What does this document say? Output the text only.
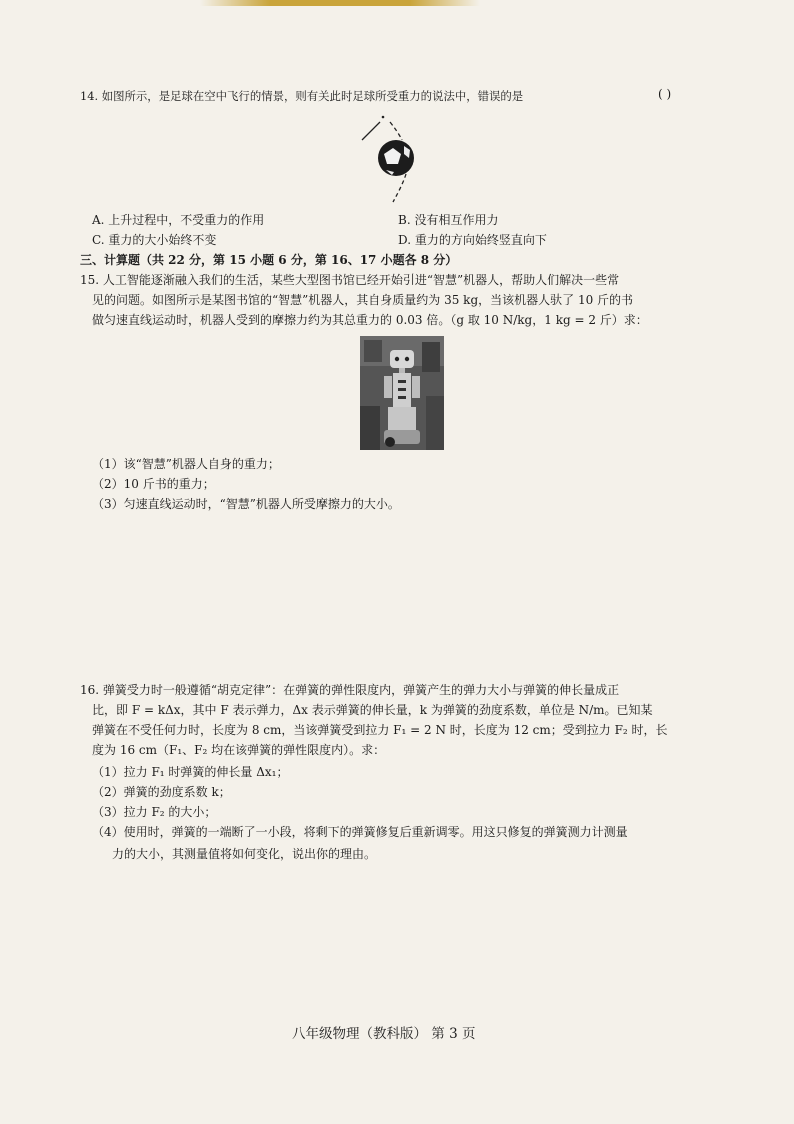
14. 如图所示，是足球在空中飞行的情景，则有关此时足球所受重力的说法中，错误的是	( )
A. 上升过程中，不受重力的作用	B. 没有相互作用力
C. 重力的大小始终不变	D. 重力的方向始终竖直向下
三、计算题（共 22 分，第 15 小题 6 分，第 16、17 小题各 8 分）
15. 人工智能逐渐融入我们的生活，某些大型图书馆已经开始引进“智慧”机器人，帮助人们解决一些常
见的问题。如图所示是某图书馆的“智慧”机器人，其自身质量约为 35 kg，当该机器人驮了 10 斤的书
做匀速直线运动时，机器人受到的摩擦力约为其总重力的 0.03 倍。（g 取 10 N/kg，1 kg = 2 斤）求：
（1）该“智慧”机器人自身的重力；
（2）10 斤书的重力；
（3）匀速直线运动时，“智慧”机器人所受摩擦力的大小。
16. 弹簧受力时一般遵循“胡克定律”：在弹簧的弹性限度内，弹簧产生的弹力大小与弹簧的伸长量成正
比，即 F = kΔx，其中 F 表示弹力，Δx 表示弹簧的伸长量，k 为弹簧的劲度系数，单位是 N/m。已知某
弹簧在不受任何力时，长度为 8 cm，当该弹簧受到拉力 F₁ = 2 N 时，长度为 12 cm；受到拉力 F₂ 时，长
度为 16 cm（F₁、F₂ 均在该弹簧的弹性限度内）。求：
（1）拉力 F₁ 时弹簧的伸长量 Δx₁；
（2）弹簧的劲度系数 k；
（3）拉力 F₂ 的大小；
（4）使用时，弹簧的一端断了一小段，将剩下的弹簧修复后重新调零。用这只修复的弹簧测力计测量
力的大小，其测量值将如何变化，说出你的理由。
八年级物理（教科版） 第 3 页
